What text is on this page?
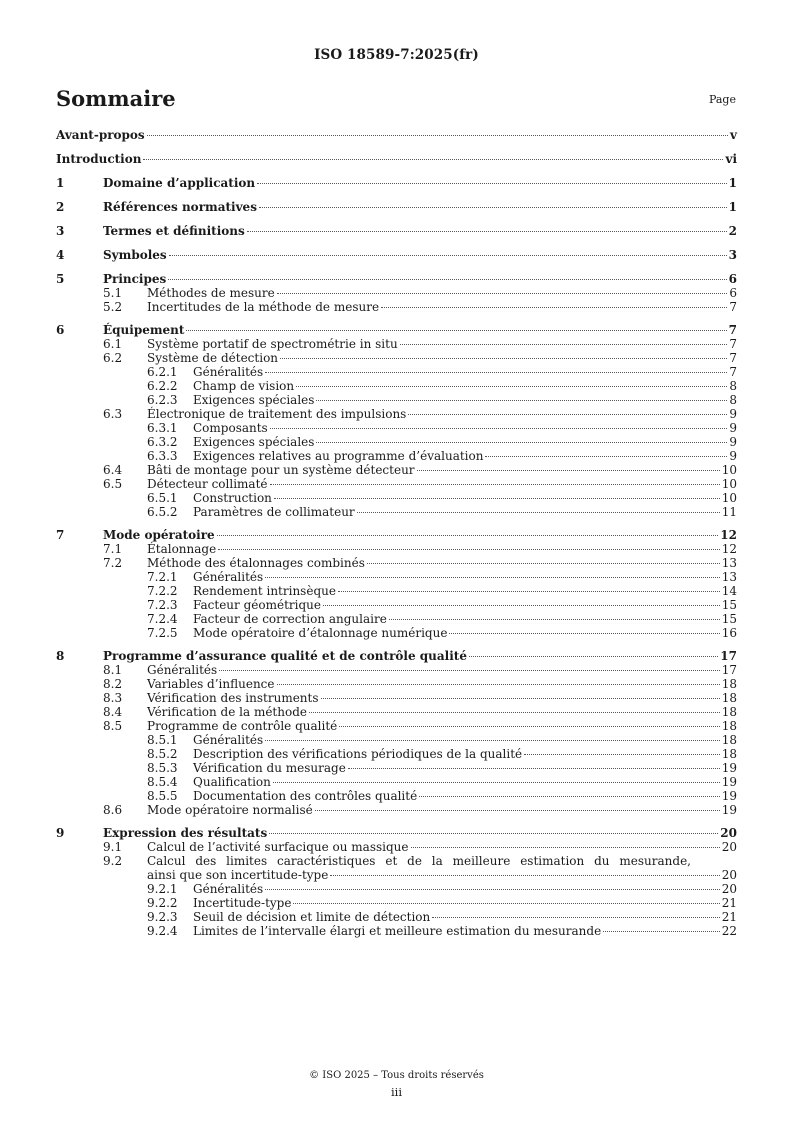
ISO 18589-7:2025(fr)
Sommaire	Page
Avant-propos	v
Introduction	vi
1	Domaine d’application	1
2	Références normatives	1
3	Termes et définitions	2
4	Symboles	3
5	Principes	6
5.1	Méthodes de mesure	6
5.2	Incertitudes de la méthode de mesure	7
6	Équipement	7
6.1	Système portatif de spectrométrie in situ	7
6.2	Système de détection	7
6.2.1	Généralités	7
6.2.2	Champ de vision	8
6.2.3	Exigences spéciales	8
6.3	Électronique de traitement des impulsions	9
6.3.1	Composants	9
6.3.2	Exigences spéciales	9
6.3.3	Exigences relatives au programme d’évaluation	9
6.4	Bâti de montage pour un système détecteur	10
6.5	Détecteur collimaté	10
6.5.1	Construction	10
6.5.2	Paramètres de collimateur	11
7	Mode opératoire	12
7.1	Étalonnage	12
7.2	Méthode des étalonnages combinés	13
7.2.1	Généralités	13
7.2.2	Rendement intrinsèque	14
7.2.3	Facteur géométrique	15
7.2.4	Facteur de correction angulaire	15
7.2.5	Mode opératoire d’étalonnage numérique	16
8	Programme d’assurance qualité et de contrôle qualité	17
8.1	Généralités	17
8.2	Variables d’influence	18
8.3	Vérification des instruments	18
8.4	Vérification de la méthode	18
8.5	Programme de contrôle qualité	18
8.5.1	Généralités	18
8.5.2	Description des vérifications périodiques de la qualité	18
8.5.3	Vérification du mesurage	19
8.5.4	Qualification	19
8.5.5	Documentation des contrôles qualité	19
8.6	Mode opératoire normalisé	19
9	Expression des résultats	20
9.1	Calcul de l’activité surfacique ou massique	20
9.2	Calcul des limites caractéristiques et de la meilleure estimation du mesurande,
ainsi que son incertitude-type	20
9.2.1	Généralités	20
9.2.2	Incertitude-type	21
9.2.3	Seuil de décision et limite de détection	21
9.2.4	Limites de l’intervalle élargi et meilleure estimation du mesurande	22
© ISO 2025 – Tous droits réservés
iii
